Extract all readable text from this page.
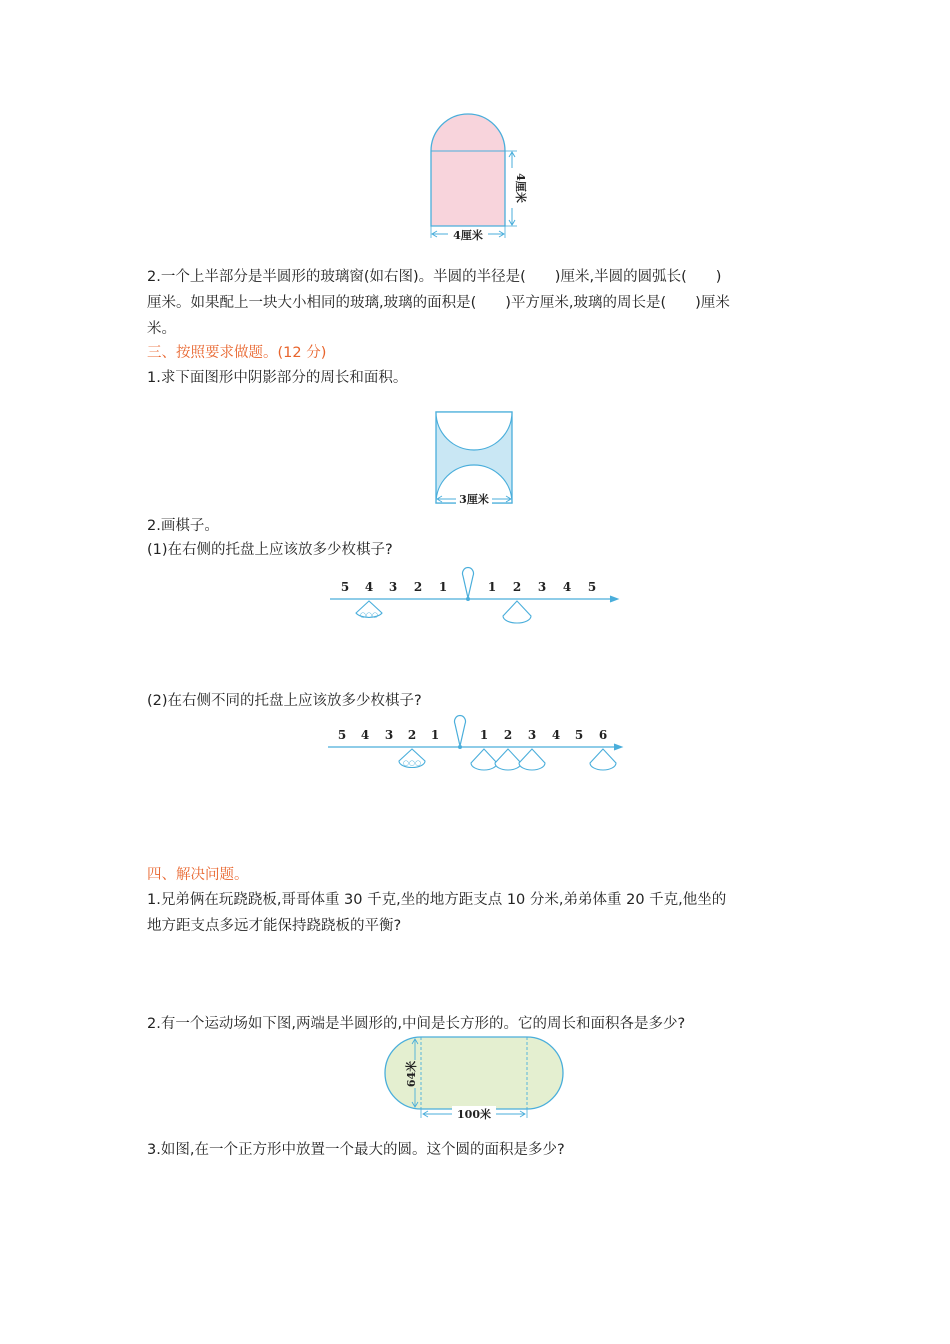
4厘米
4厘米
2.一个上半部分是半圆形的玻璃窗(如右图)。半圆的半径是(　　)厘米,半圆的圆弧长(　　)
厘米。如果配上一块大小相同的玻璃,玻璃的面积是(　　)平方厘米,玻璃的周长是(　　)厘米
米。
三、按照要求做题。(12 分)
1.求下面图形中阴影部分的周长和面积。
3厘米
2.画棋子。
(1)在右侧的托盘上应该放多少枚棋子?
5 4 3 2 1	1 2 3 4 5
○○○
(2)在右侧不同的托盘上应该放多少枚棋子?
5 4 3 2 1	1 2 3 4 5 6
○○○
四、解决问题。
1.兄弟俩在玩跷跷板,哥哥体重 30 千克,坐的地方距支点 10 分米,弟弟体重 20 千克,他坐的
地方距支点多远才能保持跷跷板的平衡?
2.有一个运动场如下图,两端是半圆形的,中间是长方形的。它的周长和面积各是多少?
64米
100米
3.如图,在一个正方形中放置一个最大的圆。这个圆的面积是多少?
